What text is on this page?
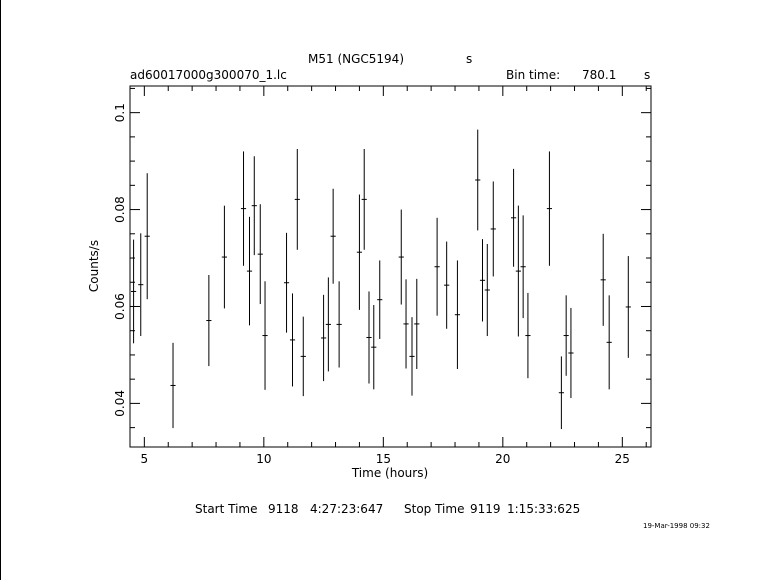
M51 (NGC5194)	s
ad60017000g300070_1.lc	Bin time: 780.1 s
5	10	15	20	25
0.04
0.06
0.08
0.1
Time (hours)
Counts/s
Start Time 9118 4:27:23:647 Stop Time 9119 1:15:33:625
19-Mar-1998 09:32
